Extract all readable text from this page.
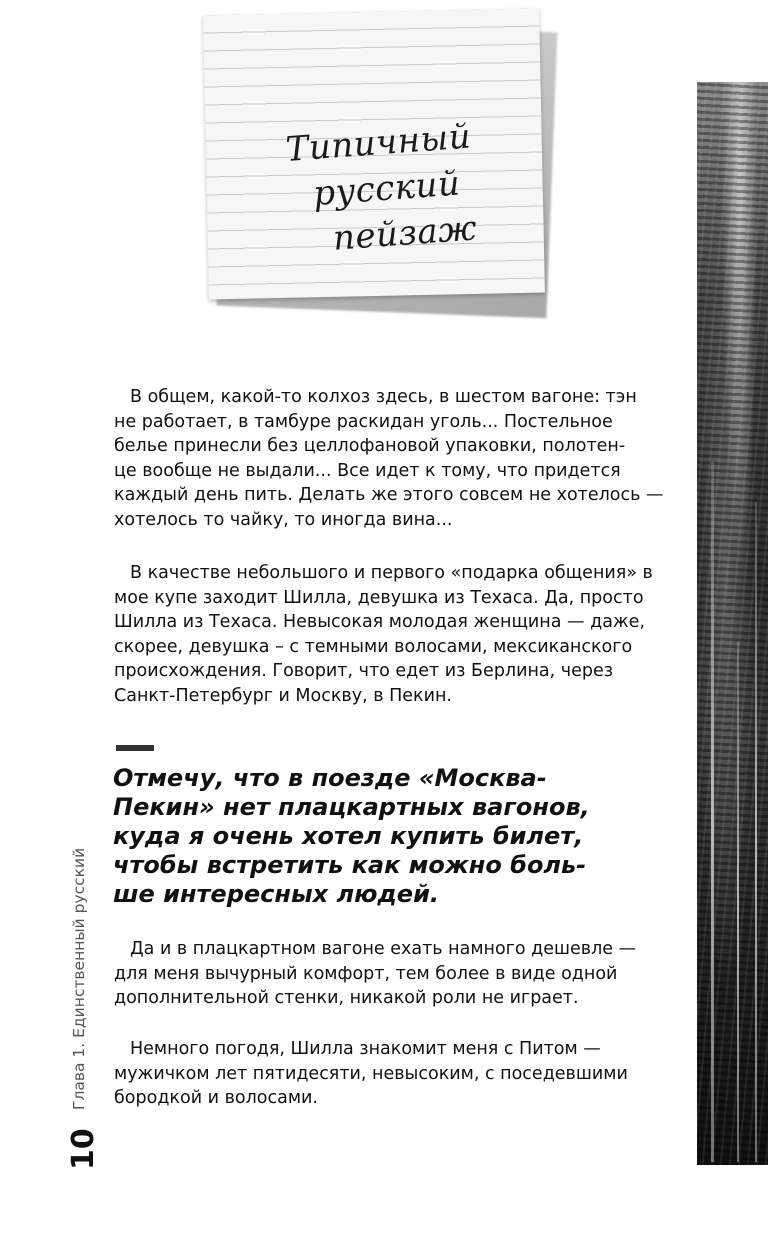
Типичный
русский
пейзаж
В общем, какой-то колхоз здесь, в шестом вагоне: тэн
не работает, в тамбуре раскидан уголь... Постельное
белье принесли без целлофановой упаковки, полотен-
це вообще не выдали... Все идет к тому, что придется
каждый день пить. Делать же этого совсем не хотелось —
хотелось то чайку, то иногда вина...
В качестве небольшого и первого «подарка общения» в
мое купе заходит Шилла, девушка из Техаса. Да, просто
Шилла из Техаса. Невысокая молодая женщина — даже,
скорее, девушка – с темными волосами, мексиканского
происхождения. Говорит, что едет из Берлина, через
Санкт-Петербург и Москву, в Пекин.
Отмечу, что в поезде «Москва-
Пекин» нет плацкартных вагонов,
куда я очень хотел купить билет,
чтобы встретить как можно боль-
ше интересных людей.
Да и в плацкартном вагоне ехать намного дешевле —
для меня вычурный комфорт, тем более в виде одной
дополнительной стенки, никакой роли не играет.
Немного погодя, Шилла знакомит меня с Питом —
мужичком лет пятидесяти, невысоким, с поседевшими
бородкой и волосами.
Глава 1. Единственный русский
10
